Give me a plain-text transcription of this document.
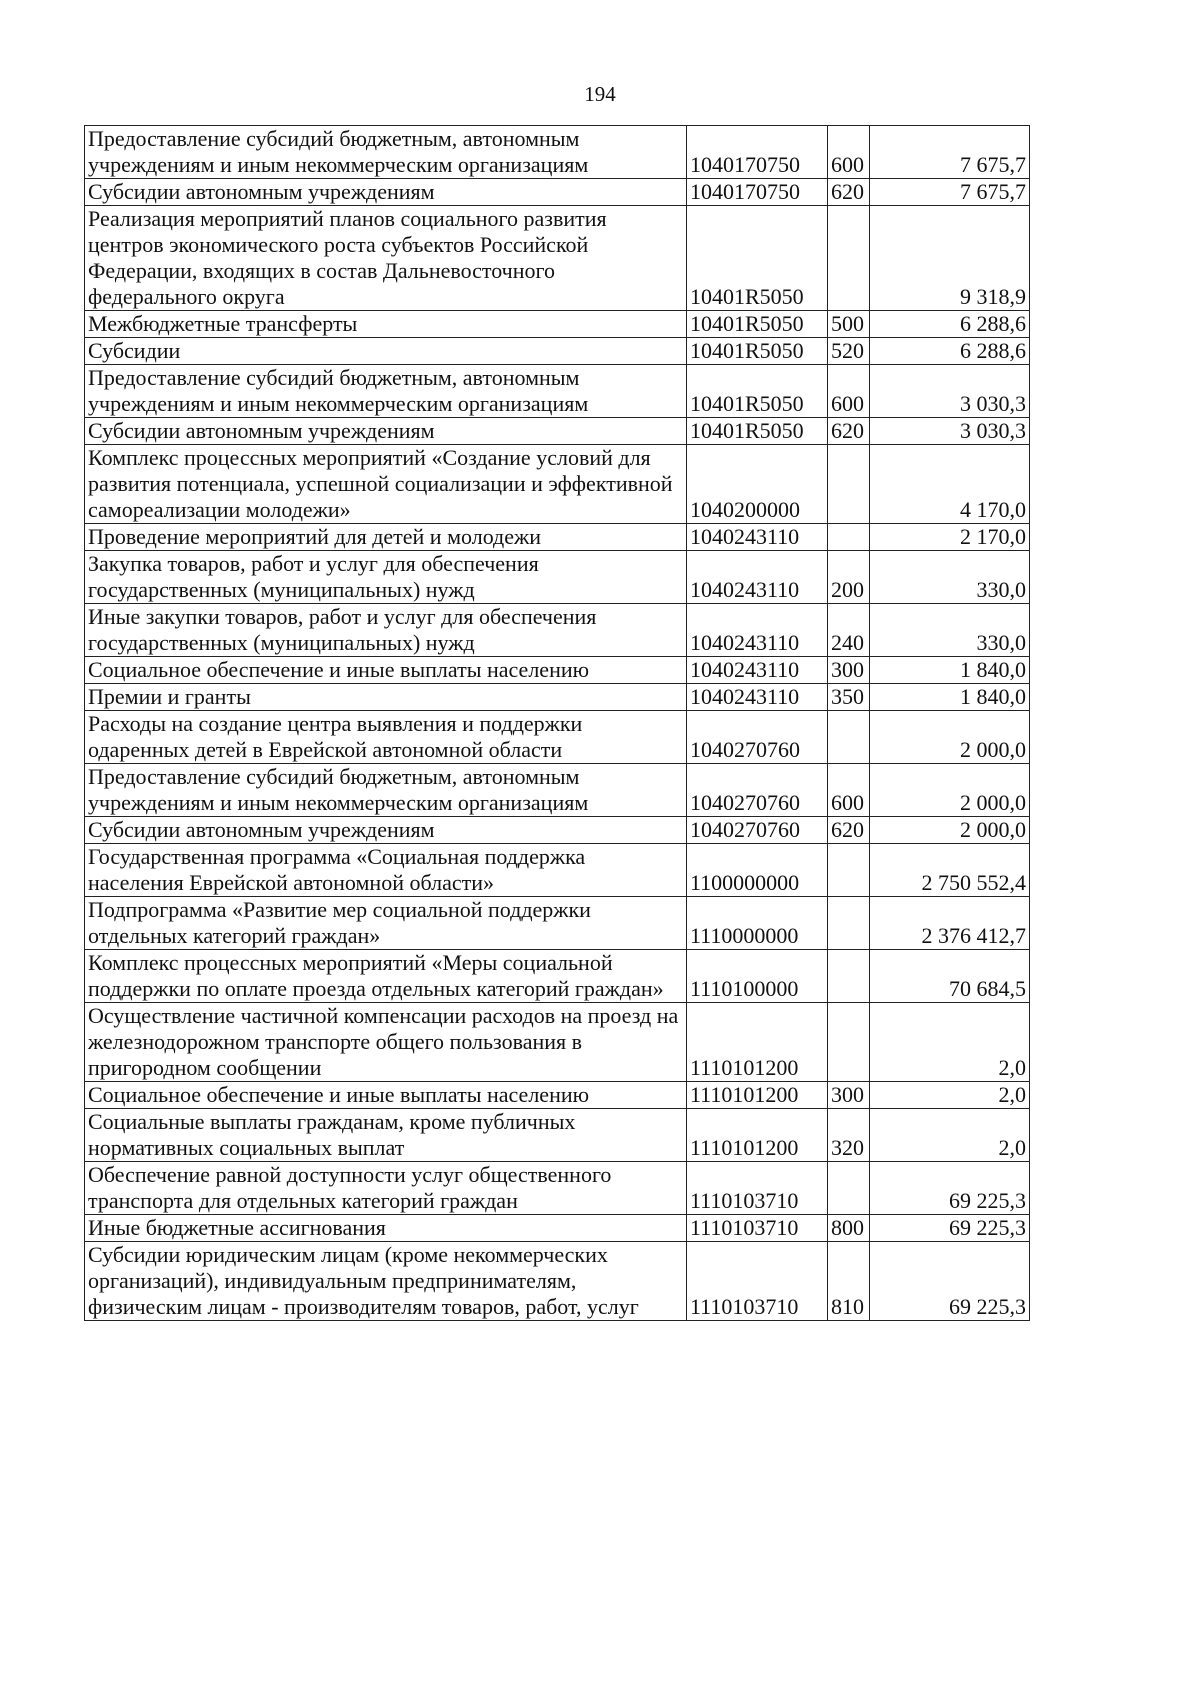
194
Предоставление субсидий бюджетным, автономным учреждениям и иным некоммерческим организациям	1040170750	600	7 675,7
Субсидии автономным учреждениям	1040170750	620	7 675,7
Реализация мероприятий планов социального развития центров экономического роста субъектов Российской Федерации, входящих в состав Дальневосточного федерального округа	10401R5050		9 318,9
Межбюджетные трансферты	10401R5050	500	6 288,6
Субсидии	10401R5050	520	6 288,6
Предоставление субсидий бюджетным, автономным учреждениям и иным некоммерческим организациям	10401R5050	600	3 030,3
Субсидии автономным учреждениям	10401R5050	620	3 030,3
Комплекс процессных мероприятий «Создание условий для развития потенциала, успешной социализации и эффективной самореализации молодежи»	1040200000		4 170,0
Проведение мероприятий для детей и молодежи	1040243110		2 170,0
Закупка товаров, работ и услуг для обеспечения государственных (муниципальных) нужд	1040243110	200	330,0
Иные закупки товаров, работ и услуг для обеспечения государственных (муниципальных) нужд	1040243110	240	330,0
Социальное обеспечение и иные выплаты населению	1040243110	300	1 840,0
Премии и гранты	1040243110	350	1 840,0
Расходы на создание центра выявления и поддержки одаренных детей в Еврейской автономной области	1040270760		2 000,0
Предоставление субсидий бюджетным, автономным учреждениям и иным некоммерческим организациям	1040270760	600	2 000,0
Субсидии автономным учреждениям	1040270760	620	2 000,0
Государственная программа «Социальная поддержка населения Еврейской автономной области»	1100000000		2 750 552,4
Подпрограмма «Развитие мер социальной поддержки отдельных категорий граждан»	1110000000		2 376 412,7
Комплекс процессных мероприятий «Меры социальной поддержки по оплате проезда отдельных категорий граждан»	1110100000		70 684,5
Осуществление частичной компенсации расходов на проезд на железнодорожном транспорте общего пользования в пригородном сообщении	1110101200		2,0
Социальное обеспечение и иные выплаты населению	1110101200	300	2,0
Социальные выплаты гражданам, кроме публичных нормативных социальных выплат	1110101200	320	2,0
Обеспечение равной доступности услуг общественного транспорта для отдельных категорий граждан	1110103710		69 225,3
Иные бюджетные ассигнования	1110103710	800	69 225,3
Субсидии юридическим лицам (кроме некоммерческих организаций), индивидуальным предпринимателям, физическим лицам - производителям товаров, работ, услуг	1110103710	810	69 225,3
